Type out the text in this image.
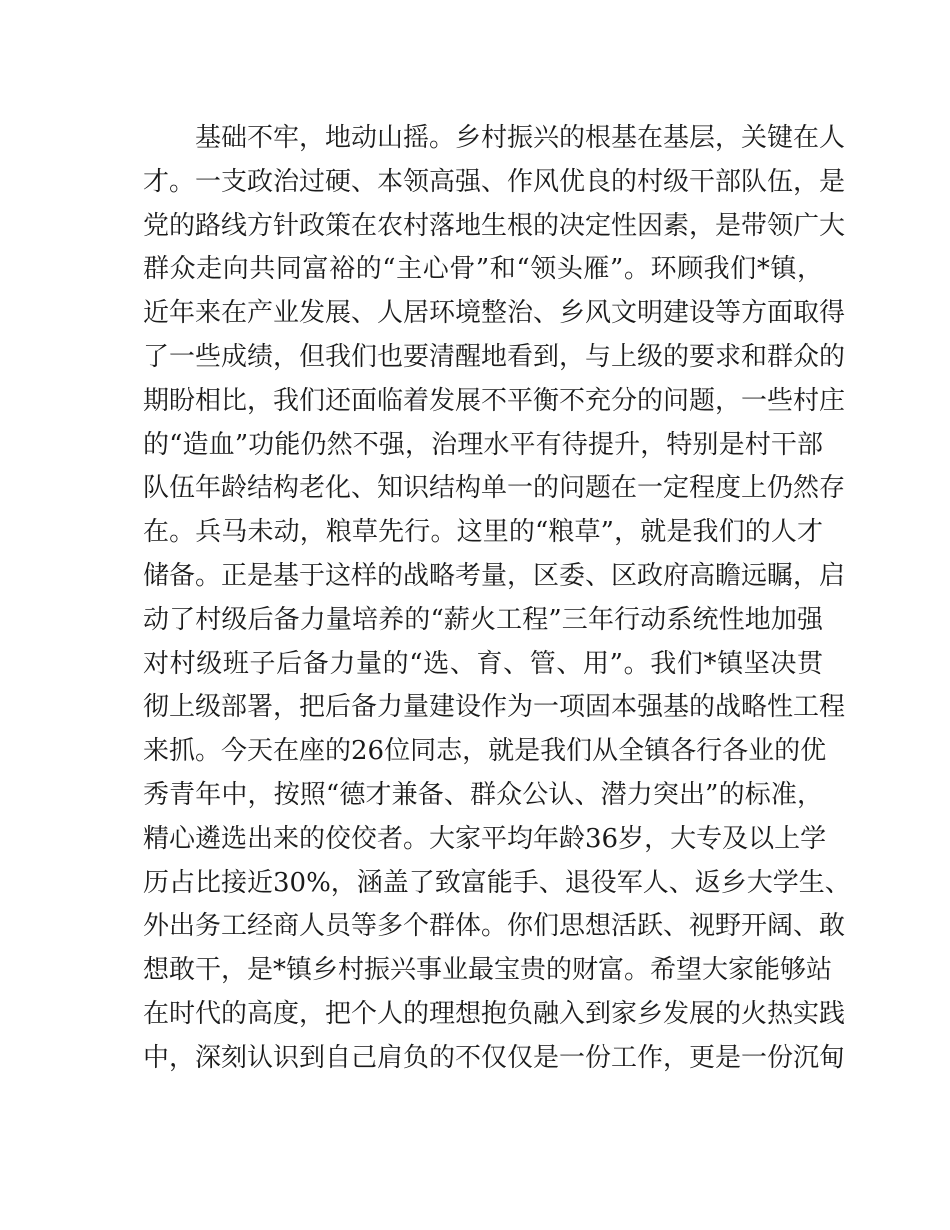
基础不牢，地动山摇。乡村振兴的根基在基层，关键在人
才。一支政治过硬、本领高强、作风优良的村级干部队伍，是
党的路线方针政策在农村落地生根的决定性因素，是带领广大
群众走向共同富裕的“主心骨”和“领头雁”。环顾我们*镇，
近年来在产业发展、人居环境整治、乡风文明建设等方面取得
了一些成绩，但我们也要清醒地看到，与上级的要求和群众的
期盼相比，我们还面临着发展不平衡不充分的问题，一些村庄
的“造血”功能仍然不强，治理水平有待提升，特别是村干部
队伍年龄结构老化、知识结构单一的问题在一定程度上仍然存
在。兵马未动，粮草先行。这里的“粮草”，就是我们的人才
储备。正是基于这样的战略考量，区委、区政府高瞻远瞩，启
动了村级后备力量培养的“薪火工程”三年行动系统性地加强
对村级班子后备力量的“选、育、管、用”。我们*镇坚决贯
彻上级部署，把后备力量建设作为一项固本强基的战略性工程
来抓。今天在座的26位同志，就是我们从全镇各行各业的优
秀青年中，按照“德才兼备、群众公认、潜力突出”的标准，
精心遴选出来的佼佼者。大家平均年龄36岁，大专及以上学
历占比接近30%，涵盖了致富能手、退役军人、返乡大学生、
外出务工经商人员等多个群体。你们思想活跃、视野开阔、敢
想敢干，是*镇乡村振兴事业最宝贵的财富。希望大家能够站
在时代的高度，把个人的理想抱负融入到家乡发展的火热实践
中，深刻认识到自己肩负的不仅仅是一份工作，更是一份沉甸
